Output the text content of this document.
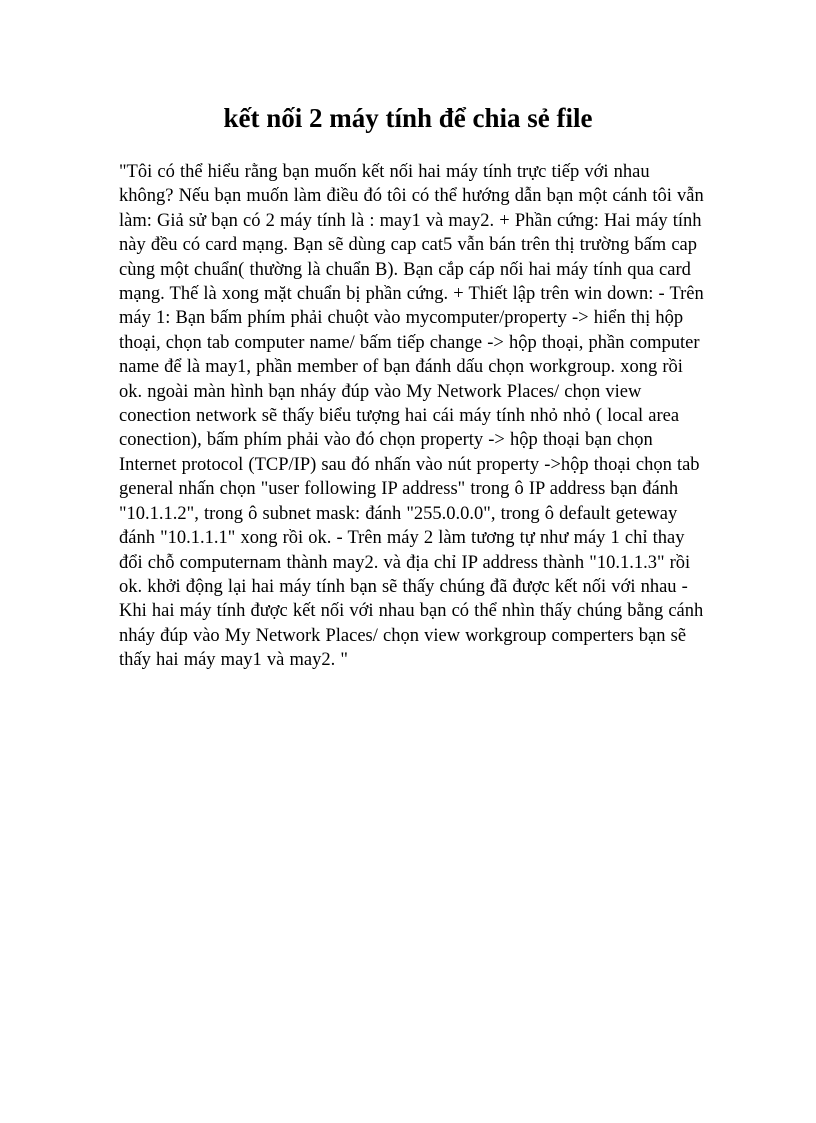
kết nối 2 máy tính để chia sẻ file

"Tôi có thể hiểu rằng bạn muốn kết nối hai máy tính trực tiếp với nhau không? Nếu bạn muốn làm điều đó tôi có thể hướng dẫn bạn một cánh tôi vẫn làm: Giả sử bạn có 2 máy tính là : may1 và may2. + Phần cứng: Hai máy tính này đều có card mạng. Bạn sẽ dùng cap cat5 vẫn bán trên thị trường bấm cap cùng một chuẩn( thường là chuẩn B). Bạn cắp cáp nối hai máy tính qua card mạng. Thế là xong mặt chuẩn bị phần cứng. + Thiết lập trên win down: - Trên máy 1: Bạn bấm phím phải chuột vào mycomputer/property -> hiển thị hộp thoại, chọn tab computer name/ bấm tiếp change -> hộp thoại, phần computer name để là may1, phần member of bạn đánh dấu chọn workgroup. xong rồi ok. ngoài màn hình bạn nháy đúp vào My Network Places/ chọn view conection network sẽ thấy biểu tượng hai cái máy tính nhỏ nhỏ ( local area conection), bấm phím phải vào đó chọn property -> hộp thoại bạn chọn Internet protocol (TCP/IP) sau đó nhấn vào nút property ->hộp thoại chọn tab general nhấn chọn "user following IP address" trong ô IP address bạn đánh "10.1.1.2", trong ô subnet mask: đánh "255.0.0.0", trong ô default geteway đánh "10.1.1.1" xong rồi ok. - Trên máy 2 làm tương tự như máy 1 chỉ thay đổi chỗ computernam thành may2. và địa chỉ IP address thành "10.1.1.3" rồi ok. khởi động lại hai máy tính bạn sẽ thấy chúng đã được kết nối với nhau - Khi hai máy tính được kết nối với nhau bạn có thể nhìn thấy chúng bằng cánh nháy đúp vào My Network Places/ chọn view workgroup comperters bạn sẽ thấy hai máy may1 và may2. "
